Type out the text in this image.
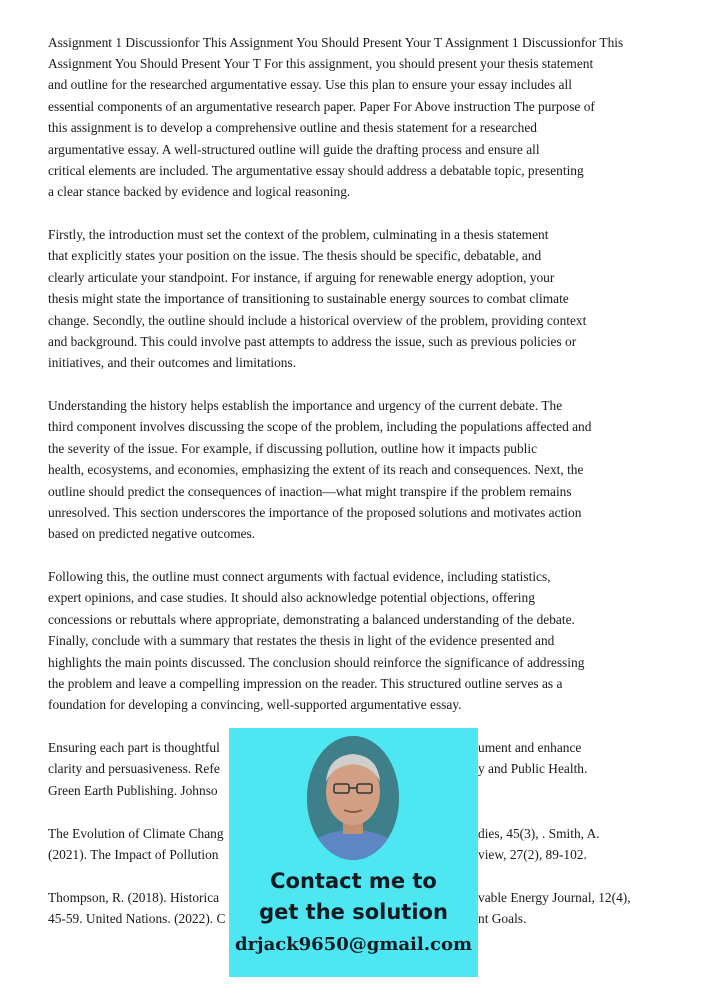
Assignment 1 Discussionfor This Assignment You Should Present Your T Assignment 1 Discussionfor This
Assignment You Should Present Your T For this assignment, you should present your thesis statement
and outline for the researched argumentative essay. Use this plan to ensure your essay includes all
essential components of an argumentative research paper. Paper For Above instruction The purpose of
this assignment is to develop a comprehensive outline and thesis statement for a researched
argumentative essay. A well-structured outline will guide the drafting process and ensure all
critical elements are included. The argumentative essay should address a debatable topic, presenting
a clear stance backed by evidence and logical reasoning.
Firstly, the introduction must set the context of the problem, culminating in a thesis statement
that explicitly states your position on the issue. The thesis should be specific, debatable, and
clearly articulate your standpoint. For instance, if arguing for renewable energy adoption, your
thesis might state the importance of transitioning to sustainable energy sources to combat climate
change. Secondly, the outline should include a historical overview of the problem, providing context
and background. This could involve past attempts to address the issue, such as previous policies or
initiatives, and their outcomes and limitations.
Understanding the history helps establish the importance and urgency of the current debate. The
third component involves discussing the scope of the problem, including the populations affected and
the severity of the issue. For example, if discussing pollution, outline how it impacts public
health, ecosystems, and economies, emphasizing the extent of its reach and consequences. Next, the
outline should predict the consequences of inaction—what might transpire if the problem remains
unresolved. This section underscores the importance of the proposed solutions and motivates action
based on predicted negative outcomes.
Following this, the outline must connect arguments with factual evidence, including statistics,
expert opinions, and case studies. It should also acknowledge potential objections, offering
concessions or rebuttals where appropriate, demonstrating a balanced understanding of the debate.
Finally, conclude with a summary that restates the thesis in light of the evidence presented and
highlights the main points discussed. The conclusion should reinforce the significance of addressing
the problem and leave a compelling impression on the reader. This structured outline serves as a
foundation for developing a convincing, well-supported argumentative essay.
Ensuring each part is thoughtful
clarity and persuasiveness. Refe
Green Earth Publishing. Johnso
ument and enhance
y and Public Health.
The Evolution of Climate Chang
(2021). The Impact of Pollution
dies, 45(3), . Smith, A.
view, 27(2), 89-102.
Thompson, R. (2018). Historica
45-59. United Nations. (2022). C
vable Energy Journal, 12(4),
nt Goals.
Contact me to
get the solution
drjack9650@gmail.com
